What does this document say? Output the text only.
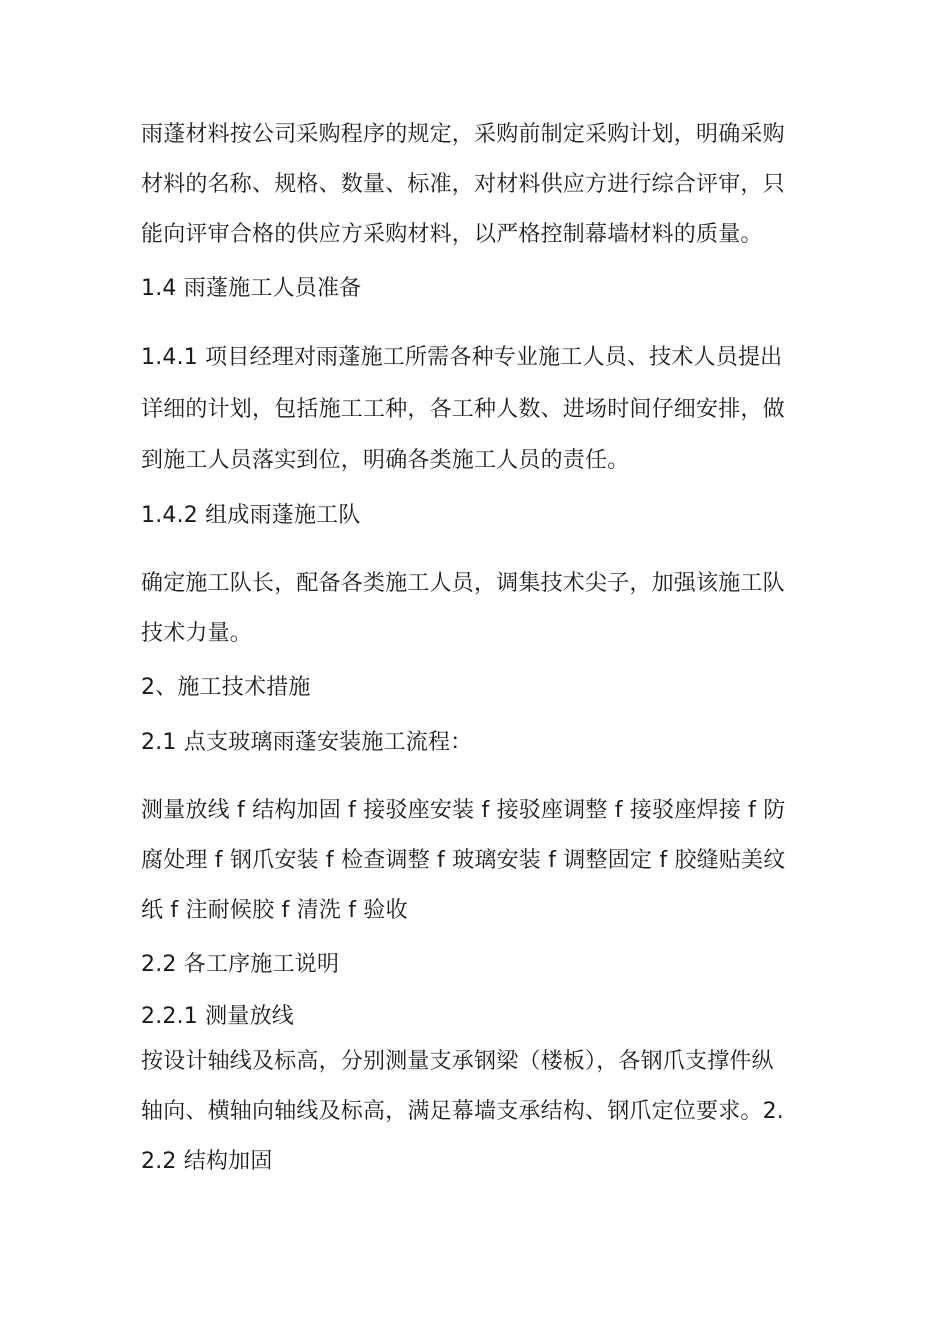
雨蓬材料按公司采购程序的规定，采购前制定采购计划，明确采购
材料的名称、规格、数量、标准，对材料供应方进行综合评审，只
能向评审合格的供应方采购材料，以严格控制幕墙材料的质量。
1.4 雨蓬施工人员准备
1.4.1 项目经理对雨蓬施工所需各种专业施工人员、技术人员提出
详细的计划，包括施工工种，各工种人数、进场时间仔细安排，做
到施工人员落实到位，明确各类施工人员的责任。
1.4.2 组成雨蓬施工队
确定施工队长，配备各类施工人员，调集技术尖子，加强该施工队
技术力量。
2、施工技术措施
2.1 点支玻璃雨蓬安装施工流程：
测量放线 f 结构加固 f 接驳座安装 f 接驳座调整 f 接驳座焊接 f 防
腐处理 f 钢爪安装 f 检查调整 f 玻璃安装 f 调整固定 f 胶缝贴美纹
纸 f 注耐候胶 f 清洗 f 验收
2.2 各工序施工说明
2.2.1 测量放线
按设计轴线及标高，分别测量支承钢梁（楼板），各钢爪支撑件纵
轴向、横轴向轴线及标高，满足幕墙支承结构、钢爪定位要求。2.
2.2 结构加固
